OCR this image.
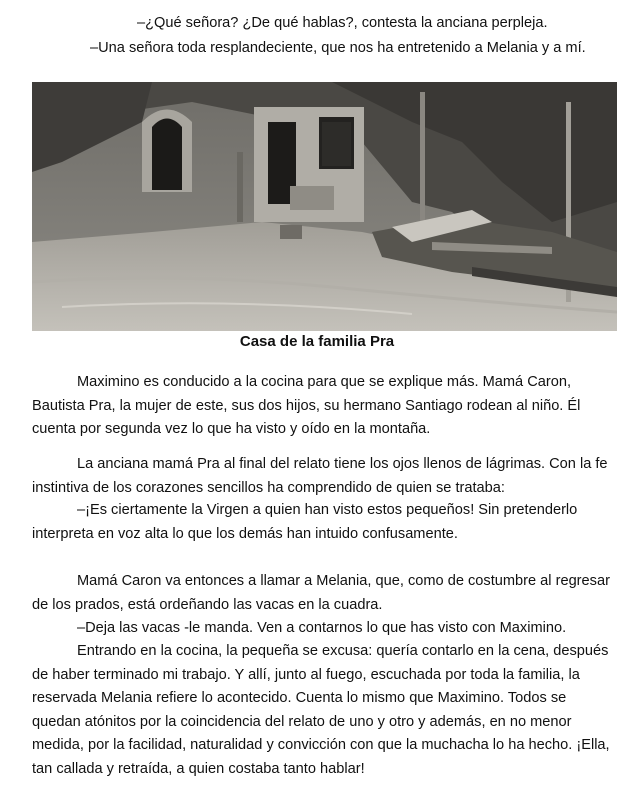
–¿Qué señora? ¿De qué hablas?, contesta la anciana perpleja.
–Una señora toda resplandeciente, que nos ha entretenido a Melania y a mí.
Casa de la familia Pra

Maximino es conducido a la cocina para que se explique más. Mamá Caron, Bautista Pra, la mujer de este, sus dos hijos, su hermano Santiago rodean al niño. Él cuenta por segunda vez lo que ha visto y oído en la montaña.

La anciana mamá Pra al final del relato tiene los ojos llenos de lágrimas. Con la fe instintiva de los corazones sencillos ha comprendido de quien se trataba:

–¡Es ciertamente la Virgen a quien han visto estos pequeños! Sin pretenderlo interpreta en voz alta lo que los demás han intuido confusamente.

Mamá Caron va entonces a llamar a Melania, que, como de costumbre al regresar de los prados, está ordeñando las vacas en la cuadra.

–Deja las vacas -le manda. Ven a contarnos lo que has visto con Maximino.

Entrando en la cocina, la pequeña se excusa: quería contarlo en la cena, después de haber terminado mi trabajo. Y allí, junto al fuego, escuchada por toda la familia, la reservada Melania refiere lo acontecido. Cuenta lo mismo que Maximino. Todos se quedan atónitos por la coincidencia del relato de uno y otro y además, en no menor medida, por la facilidad, naturalidad y convicción con que la muchacha lo ha hecho. ¡Ella, tan callada y retraída, a quien costaba tanto hablar!
